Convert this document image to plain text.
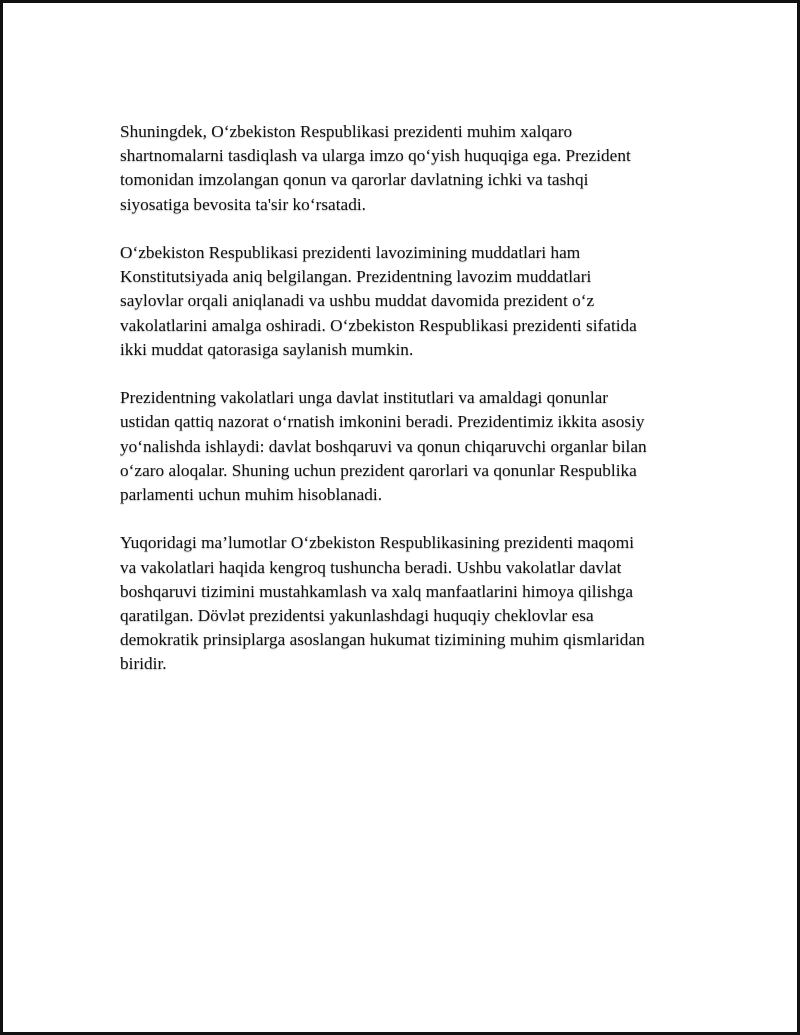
Shuningdek, O‘zbekiston Respublikasi prezidenti muhim xalqaro
shartnomalarni tasdiqlash va ularga imzo qo‘yish huquqiga ega. Prezident
tomonidan imzolangan qonun va qarorlar davlatning ichki va tashqi
siyosatiga bevosita ta'sir ko‘rsatadi.
O‘zbekiston Respublikasi prezidenti lavozimining muddatlari ham
Konstitutsiyada aniq belgilangan. Prezidentning lavozim muddatlari
saylovlar orqali aniqlanadi va ushbu muddat davomida prezident o‘z
vakolatlarini amalga oshiradi. O‘zbekiston Respublikasi prezidenti sifatida
ikki muddat qatorasiga saylanish mumkin.
Prezidentning vakolatlari unga davlat institutlari va amaldagi qonunlar
ustidan qattiq nazorat o‘rnatish imkonini beradi. Prezidentimiz ikkita asosiy
yo‘nalishda ishlaydi: davlat boshqaruvi va qonun chiqaruvchi organlar bilan
o‘zaro aloqalar. Shuning uchun prezident qarorlari va qonunlar Respublika
parlamenti uchun muhim hisoblanadi.
Yuqoridagi ma’lumotlar O‘zbekiston Respublikasining prezidenti maqomi
va vakolatlari haqida kengroq tushuncha beradi. Ushbu vakolatlar davlat
boshqaruvi tizimini mustahkamlash va xalq manfaatlarini himoya qilishga
qaratilgan. Dövlət prezidentsi yakunlashdagi huquqiy cheklovlar esa
demokratik prinsiplarga asoslangan hukumat tizimining muhim qismlaridan
biridir.
